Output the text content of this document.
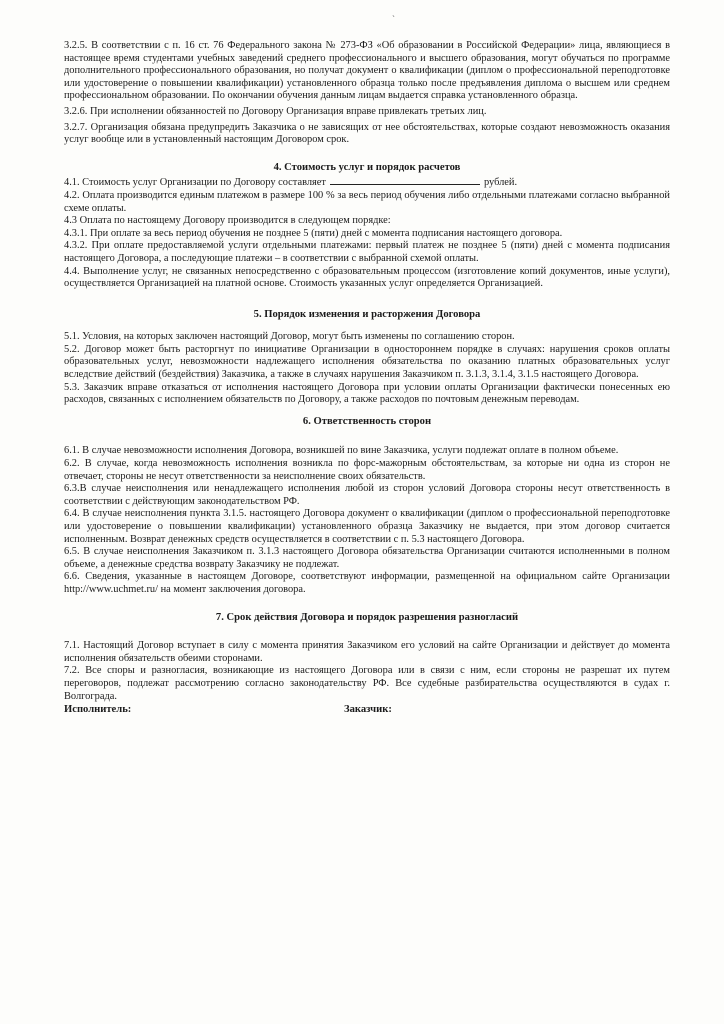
`

3.2.5. В соответствии с п. 16 ст. 76 Федерального закона № 273-ФЗ «Об образовании в Российской Федерации» лица, являющиеся в настоящее время студентами учебных заведений среднего профессионального и высшего образования, могут обучаться по программе дополнительного профессионального образования, но получат документ о квалификации (диплом о профессиональной переподготовке или удостоверение о повышении квалификации) установленного образца только после предъявления диплома о высшем или среднем профессиональном образовании. По окончании обучения данным лицам выдается справка установленного образца.

3.2.6. При исполнении обязанностей по Договору Организация вправе привлекать третьих лиц.

3.2.7. Организация обязана предупредить Заказчика о не зависящих от нее обстоятельствах, которые создают невозможность оказания услуг вообще или в установленный настоящим Договором срок.

4. Стоимость услуг и порядок расчетов

4.1. Стоимость услуг Организации по Договору составляет	рублей.

4.2. Оплата производится единым платежом в размере 100 % за весь период обучения либо отдельными платежами согласно выбранной схеме оплаты.

4.3 Оплата по настоящему Договору производится в следующем порядке:

4.3.1. При оплате за весь период обучения не позднее 5 (пяти) дней с момента подписания настоящего договора.

4.3.2. При оплате предоставляемой услуги отдельными платежами: первый платеж не позднее 5 (пяти) дней с момента подписания настоящего Договора, а последующие платежи – в соответствии с выбранной схемой оплаты.

4.4. Выполнение услуг, не связанных непосредственно с образовательным процессом (изготовление копий документов, иные услуги), осуществляется Организацией на платной основе. Стоимость указанных услуг определяется Организацией.

5. Порядок изменения и расторжения Договора

5.1. Условия, на которых заключен настоящий Договор, могут быть изменены по соглашению сторон.

5.2. Договор может быть расторгнут по инициативе Организации в одностороннем порядке в случаях: нарушения сроков оплаты образовательных услуг, невозможности надлежащего исполнения обязательства по оказанию платных образовательных услуг вследствие действий (бездействия) Заказчика, а также в случаях нарушения Заказчиком п. 3.1.3, 3.1.4, 3.1.5 настоящего Договора.

5.3. Заказчик вправе отказаться от исполнения настоящего Договора при условии оплаты Организации фактически понесенных ею расходов, связанных с исполнением обязательств по Договору, а также расходов по почтовым денежным переводам.

6. Ответственность сторон

6.1. В случае невозможности исполнения Договора, возникшей по вине Заказчика, услуги подлежат оплате в полном объеме.

6.2. В случае, когда невозможность исполнения возникла по форс-мажорным обстоятельствам, за которые ни одна из сторон не отвечает, стороны не несут ответственности за неисполнение своих обязательств.

6.3.В случае неисполнения или ненадлежащего исполнения любой из сторон условий Договора стороны несут ответственность в соответствии с действующим законодательством РФ.

6.4. В случае неисполнения пункта 3.1.5. настоящего Договора документ о квалификации (диплом о профессиональной переподготовке или удостоверение о повышении квалификации) установленного образца Заказчику не выдается, при этом договор считается исполненным. Возврат денежных средств осуществляется в соответствии с п. 5.3 настоящего Договора.

6.5. В случае неисполнения Заказчиком п. 3.1.3 настоящего Договора обязательства Организации считаются исполненными в полном объеме, а денежные средства возврату Заказчику не подлежат.

6.6. Сведения, указанные в настоящем Договоре, соответствуют информации, размещенной на официальном сайте Организации http://www.uchmet.ru/ на момент заключения договора.

7. Срок действия Договора и порядок разрешения разногласий

7.1. Настоящий Договор вступает в силу с момента принятия Заказчиком его условий на сайте Организации и действует до момента исполнения обязательств обеими сторонами.

7.2. Все споры и разногласия, возникающие из настоящего Договора или в связи с ним, если стороны не разрешат их путем переговоров, подлежат рассмотрению согласно законодательству РФ. Все судебные разбирательства осуществляются в судах г. Волгограда.

Исполнитель:	Заказчик:
